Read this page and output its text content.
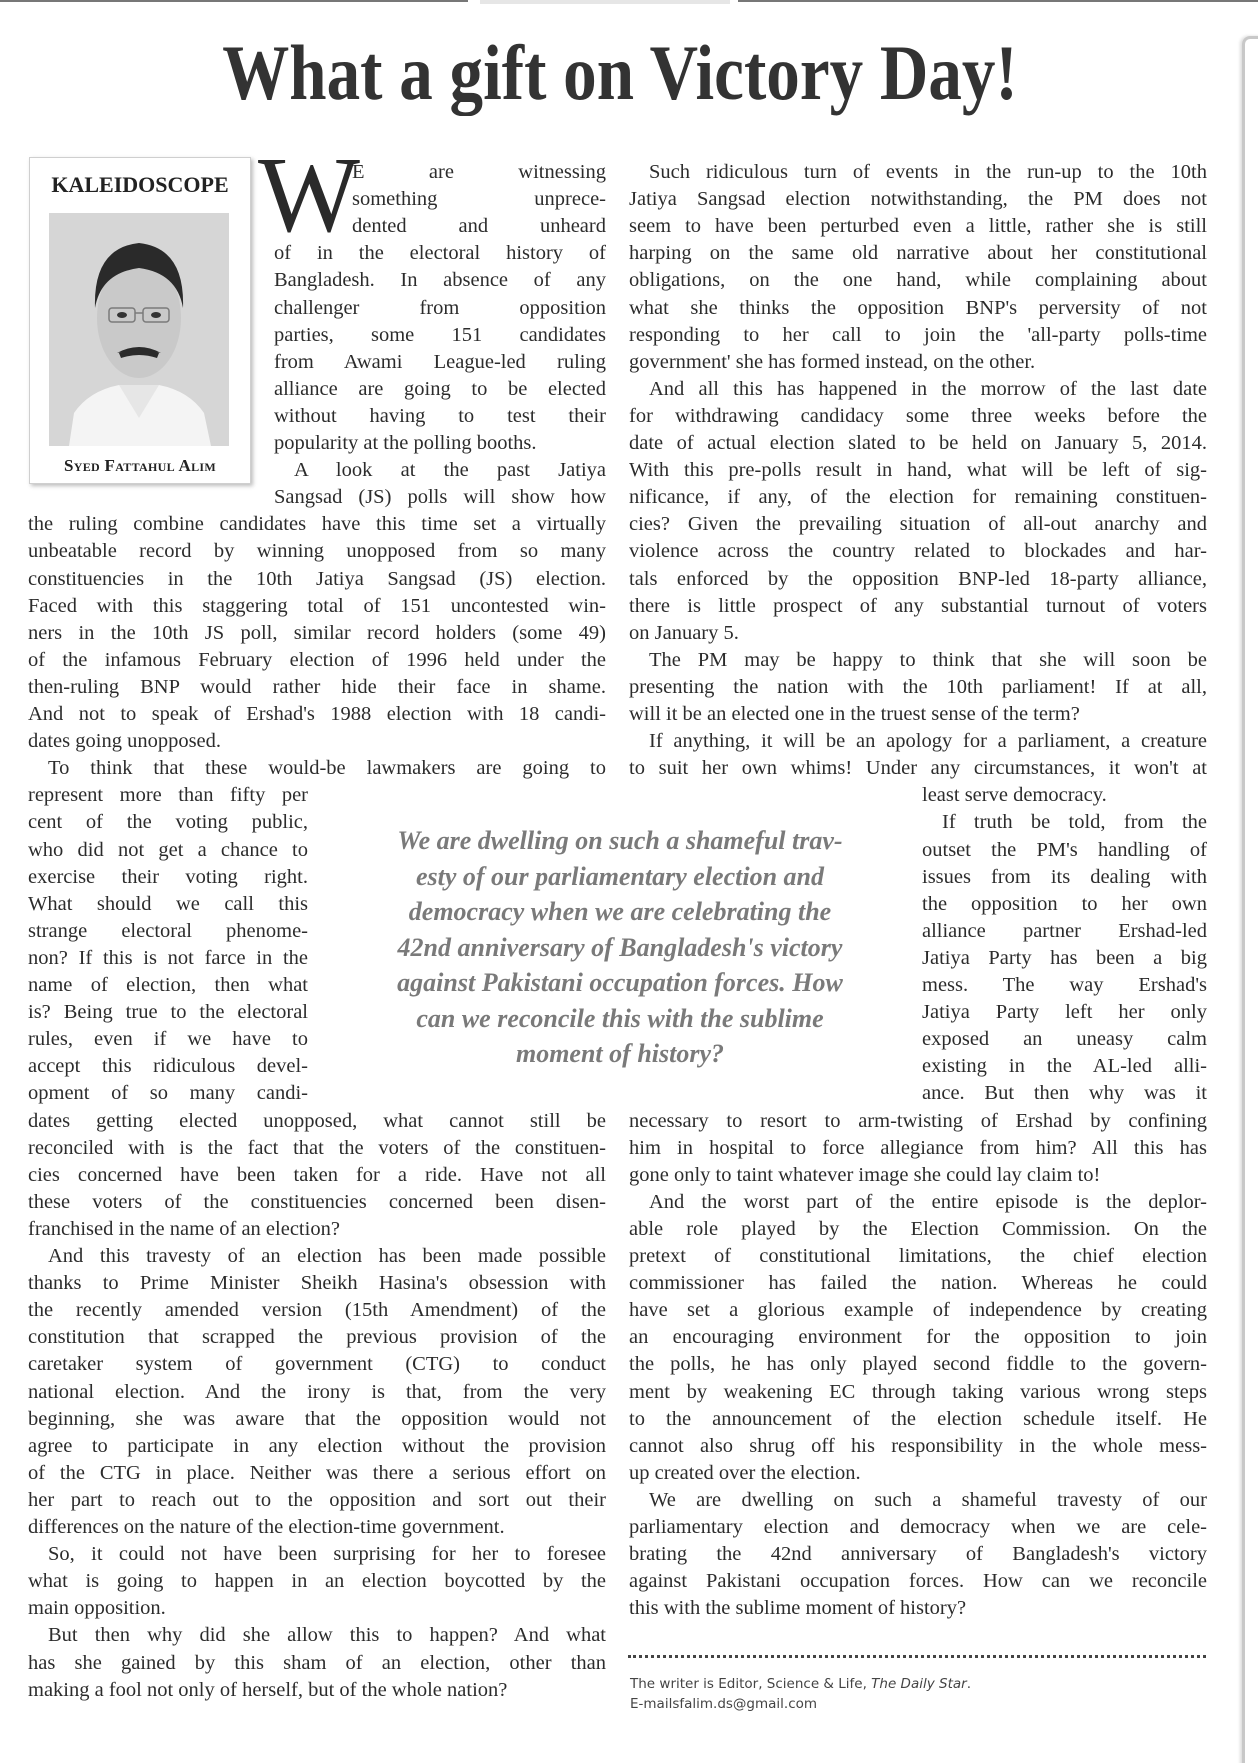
What a gift on Victory Day!
KALEIDOSCOPE
Syed Fattahul Alim
W
E are witnessing
something unprece-
dented and unheard
of in the electoral history of
Bangladesh. In absence of any
challenger from opposition
parties, some 151 candidates
from Awami League-led ruling
alliance are going to be elected
without having to test their
popularity at the polling booths.
A look at the past Jatiya
Sangsad (JS) polls will show how
the ruling combine candidates have this time set a virtually
unbeatable record by winning unopposed from so many
constituencies in the 10th Jatiya Sangsad (JS) election.
Faced with this staggering total of 151 uncontested win-
ners in the 10th JS poll, similar record holders (some 49)
of the infamous February election of 1996 held under the
then-ruling BNP would rather hide their face in shame.
And not to speak of Ershad's 1988 election with 18 candi-
dates going unopposed.
To think that these would-be lawmakers are going to
represent more than fifty per
cent of the voting public,
who did not get a chance to
exercise their voting right.
What should we call this
strange electoral phenome-
non? If this is not farce in the
name of election, then what
is? Being true to the electoral
rules, even if we have to
accept this ridiculous devel-
opment of so many candi-
dates getting elected unopposed, what cannot still be
reconciled with is the fact that the voters of the constituen-
cies concerned have been taken for a ride. Have not all
these voters of the constituencies concerned been disen-
franchised in the name of an election?
And this travesty of an election has been made possible
thanks to Prime Minister Sheikh Hasina's obsession with
the recently amended version (15th Amendment) of the
constitution that scrapped the previous provision of the
caretaker system of government (CTG) to conduct
national election. And the irony is that, from the very
beginning, she was aware that the opposition would not
agree to participate in any election without the provision
of the CTG in place. Neither was there a serious effort on
her part to reach out to the opposition and sort out their
differences on the nature of the election-time government.
So, it could not have been surprising for her to foresee
what is going to happen in an election boycotted by the
main opposition.
But then why did she allow this to happen? And what
has she gained by this sham of an election, other than
making a fool not only of herself, but of the whole nation?
Such ridiculous turn of events in the run-up to the 10th
Jatiya Sangsad election notwithstanding, the PM does not
seem to have been perturbed even a little, rather she is still
harping on the same old narrative about her constitutional
obligations, on the one hand, while complaining about
what she thinks the opposition BNP's perversity of not
responding to her call to join the 'all-party polls-time
government' she has formed instead, on the other.
And all this has happened in the morrow of the last date
for withdrawing candidacy some three weeks before the
date of actual election slated to be held on January 5, 2014.
With this pre-polls result in hand, what will be left of sig-
nificance, if any, of the election for remaining constituen-
cies? Given the prevailing situation of all-out anarchy and
violence across the country related to blockades and har-
tals enforced by the opposition BNP-led 18-party alliance,
there is little prospect of any substantial turnout of voters
on January 5.
The PM may be happy to think that she will soon be
presenting the nation with the 10th parliament! If at all,
will it be an elected one in the truest sense of the term?
If anything, it will be an apology for a parliament, a creature
to suit her own whims! Under any circumstances, it won't at
least serve democracy.
If truth be told, from the
outset the PM's handling of
issues from its dealing with
the opposition to her own
alliance partner Ershad-led
Jatiya Party has been a big
mess. The way Ershad's
Jatiya Party left her only
exposed an uneasy calm
existing in the AL-led alli-
ance. But then why was it
necessary to resort to arm-twisting of Ershad by confining
him in hospital to force allegiance from him? All this has
gone only to taint whatever image she could lay claim to!
And the worst part of the entire episode is the deplor-
able role played by the Election Commission. On the
pretext of constitutional limitations, the chief election
commissioner has failed the nation. Whereas he could
have set a glorious example of independence by creating
an encouraging environment for the opposition to join
the polls, he has only played second fiddle to the govern-
ment by weakening EC through taking various wrong steps
to the announcement of the election schedule itself. He
cannot also shrug off his responsibility in the whole mess-
up created over the election.
We are dwelling on such a shameful travesty of our
parliamentary election and democracy when we are cele-
brating the 42nd anniversary of Bangladesh's victory
against Pakistani occupation forces. How can we reconcile
this with the sublime moment of history?
We are dwelling on such a shameful trav-
esty of our parliamentary election and
democracy when we are celebrating the
42nd anniversary of Bangladesh's victory
against Pakistani occupation forces. How
can we reconcile this with the sublime
moment of history?
The writer is Editor, Science & Life, The Daily Star.
E-mailsfalim.ds@gmail.com
